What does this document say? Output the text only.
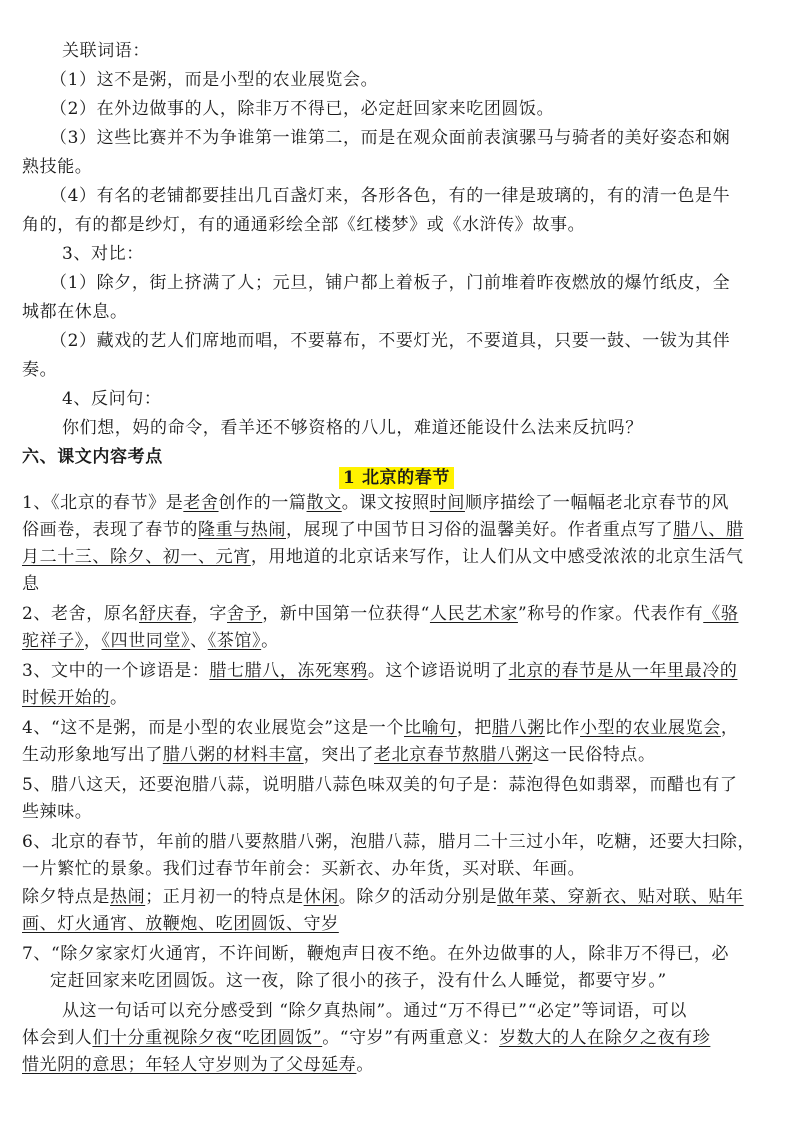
关联词语：
（1）这不是粥，而是小型的农业展览会。
（2）在外边做事的人，除非万不得已，必定赶回家来吃团圆饭。
（3）这些比赛并不为争谁第一谁第二，而是在观众面前表演骡马与骑者的美好姿态和娴
熟技能。
（4）有名的老铺都要挂出几百盏灯来，各形各色，有的一律是玻璃的，有的清一色是牛
角的，有的都是纱灯，有的通通彩绘全部《红楼梦》或《水浒传》故事。
3、对比：
（1）除夕，街上挤满了人；元旦，铺户都上着板子，门前堆着昨夜燃放的爆竹纸皮，全
城都在休息。
（2）藏戏的艺人们席地而唱，不要幕布，不要灯光，不要道具，只要一鼓、一钹为其伴
奏。
4、反问句：
你们想，妈的命令，看羊还不够资格的八儿，难道还能设什么法来反抗吗？
六、课文内容考点
1 北京的春节
1、《北京的春节》是老舍创作的一篇散文。课文按照时间顺序描绘了一幅幅老北京春节的风
俗画卷，表现了春节的隆重与热闹，展现了中国节日习俗的温馨美好。作者重点写了腊八、腊
月二十三、除夕、初一、元宵，用地道的北京话来写作，让人们从文中感受浓浓的北京生活气
息
2、老舍，原名舒庆春，字舍予，新中国第一位获得“人民艺术家”称号的作家。代表作有《骆
驼祥子》，《四世同堂》、《茶馆》。
3、文中的一个谚语是：腊七腊八，冻死寒鸦。这个谚语说明了北京的春节是从一年里最冷的
时候开始的。
4、“这不是粥，而是小型的农业展览会”这是一个比喻句，把腊八粥比作小型的农业展览会，
生动形象地写出了腊八粥的材料丰富，突出了老北京春节熬腊八粥这一民俗特点。
5、腊八这天，还要泡腊八蒜，说明腊八蒜色味双美的句子是：蒜泡得色如翡翠，而醋也有了
些辣味。
6、北京的春节，年前的腊八要熬腊八粥，泡腊八蒜，腊月二十三过小年，吃糖，还要大扫除，
一片繁忙的景象。我们过春节年前会：买新衣、办年货，买对联、年画。
除夕特点是热闹；正月初一的特点是休闲。除夕的活动分别是做年菜、穿新衣、贴对联、贴年
画、灯火通宵、放鞭炮、吃团圆饭、守岁
7、“除夕家家灯火通宵，不许间断，鞭炮声日夜不绝。在外边做事的人，除非万不得已，必
定赶回家来吃团圆饭。这一夜，除了很小的孩子，没有什么人睡觉，都要守岁。”
从这一句话可以充分感受到 “除夕真热闹”。通过“万不得已”“必定”等词语，可以
体会到人们十分重视除夕夜“吃团圆饭”。“守岁”有两重意义：岁数大的人在除夕之夜有珍
惜光阴的意思；年轻人守岁则为了父母延寿。
